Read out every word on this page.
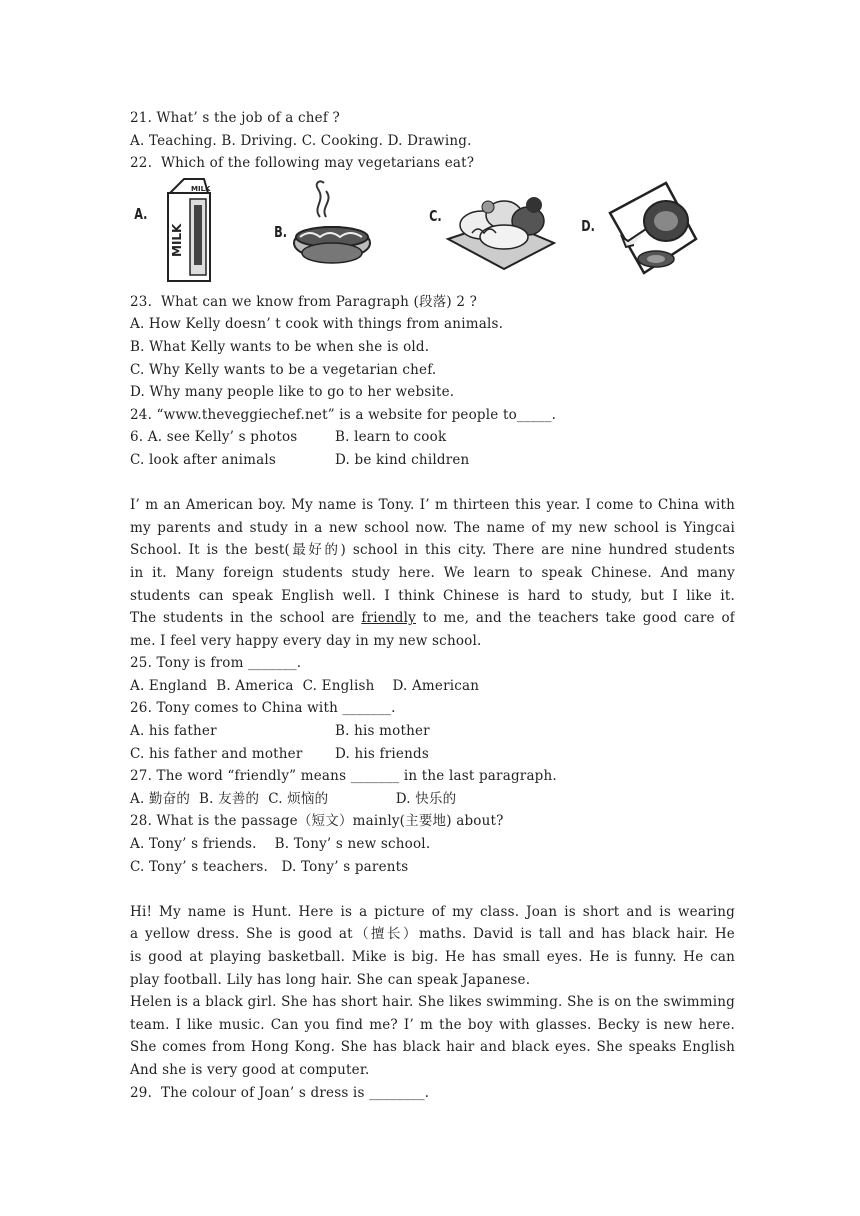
21. What’ s the job of a chef ?
A. Teaching. B. Driving. C. Cooking. D. Drawing.
22.  Which of the following may vegetarians eat?
A.
MILK
MILK
B.
C.
D.
23.  What can we know from Paragraph (段落) 2 ?
A. How Kelly doesn’ t cook with things from animals.
B. What Kelly wants to be when she is old.
C. Why Kelly wants to be a vegetarian chef.
D. Why many people like to go to her website.
24. “www.theveggiechef.net” is a website for people to_____.
6. A. see Kelly’ s photos	B. learn to cook
C. look after animals	D. be kind children
I’ m an American boy. My name is Tony. I’ m thirteen this year. I come to China with
my parents and study in a new school now. The name of my new school is Yingcai
School. It is the best(最好的) school in this city. There are nine hundred students
in it. Many foreign students study here. We learn to speak Chinese. And many
students can speak English well. I think Chinese is hard to study, but I like it.
The students in the school are friendly to me, and the teachers take good care of
me. I feel very happy every day in my new school.
25. Tony is from _______.
A. England  B. America  C. English    D. American
26. Tony comes to China with _______.
A. his father	B. his mother
C. his father and mother	D. his friends
27. The word “friendly” means _______ in the last paragraph.
A. 勤奋的  B. 友善的  C. 烦恼的               D. 快乐的
28. What is the passage（短文）mainly(主要地) about?
A. Tony’ s friends.    B. Tony’ s new school.
C. Tony’ s teachers.   D. Tony’ s parents
Hi! My name is Hunt. Here is a picture of my class. Joan is short and is wearing
a yellow dress. She is good at（擅长）maths. David is tall and has black hair. He
is good at playing basketball. Mike is big. He has small eyes. He is funny. He can
play football. Lily has long hair. She can speak Japanese.
Helen is a black girl. She has short hair. She likes swimming. She is on the swimming
team. I like music. Can you find me? I’ m the boy with glasses. Becky is new here.
She comes from Hong Kong. She has black hair and black eyes. She speaks English
And she is very good at computer.
29.  The colour of Joan’ s dress is ________.
